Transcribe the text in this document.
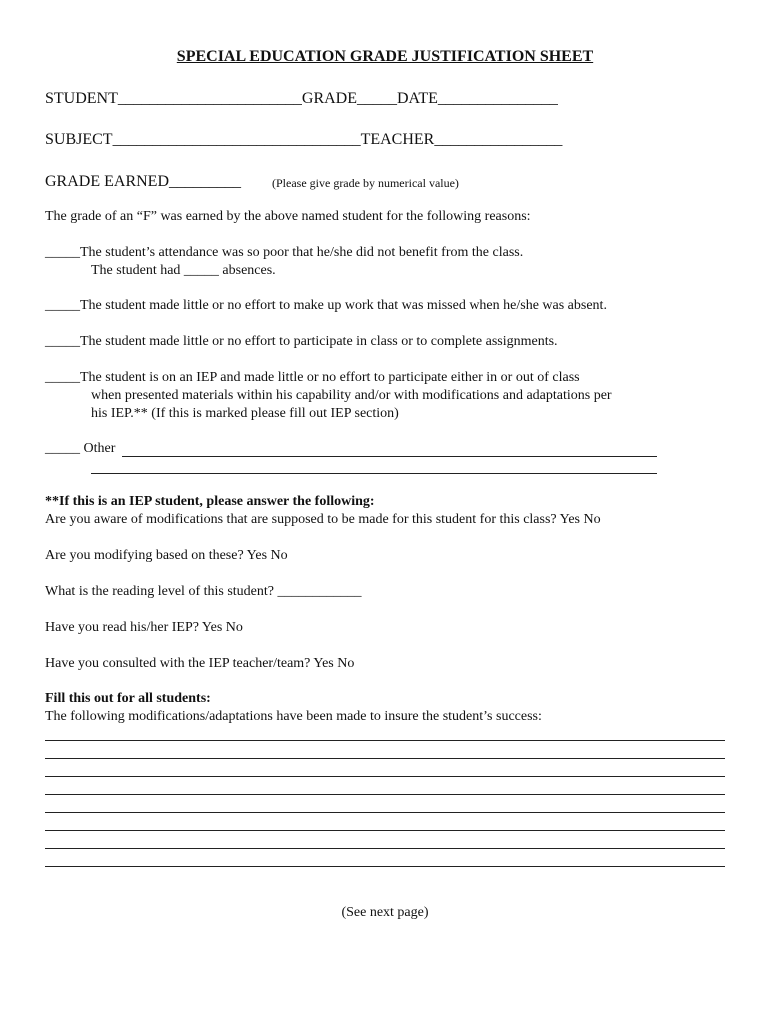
SPECIAL EDUCATION GRADE JUSTIFICATION SHEET
STUDENT_______________________GRADE_____DATE_______________
SUBJECT_______________________________TEACHER________________
GRADE EARNED_________	(Please give grade by numerical value)
The grade of an “F” was earned by the above named student for the following reasons:
_____The student’s attendance was so poor that he/she did not benefit from the class.
The student had _____ absences.
_____The student made little or no effort to make up work that was missed when he/she was absent.
_____The student made little or no effort to participate in class or to complete assignments.
_____The student is on an IEP and made little or no effort to participate either in or out of class
when presented materials within his capability and/or with modifications and adaptations per
his IEP.** (If this is marked please fill out IEP section)
_____ Other
**If this is an IEP student, please answer the following:
Are you aware of modifications that are supposed to be made for this student for this class? Yes No
Are you modifying based on these? Yes No
What is the reading level of this student? ____________
Have you read his/her IEP? Yes No
Have you consulted with the IEP teacher/team? Yes No
Fill this out for all students:
The following modifications/adaptations have been made to insure the student’s success:
(See next page)
